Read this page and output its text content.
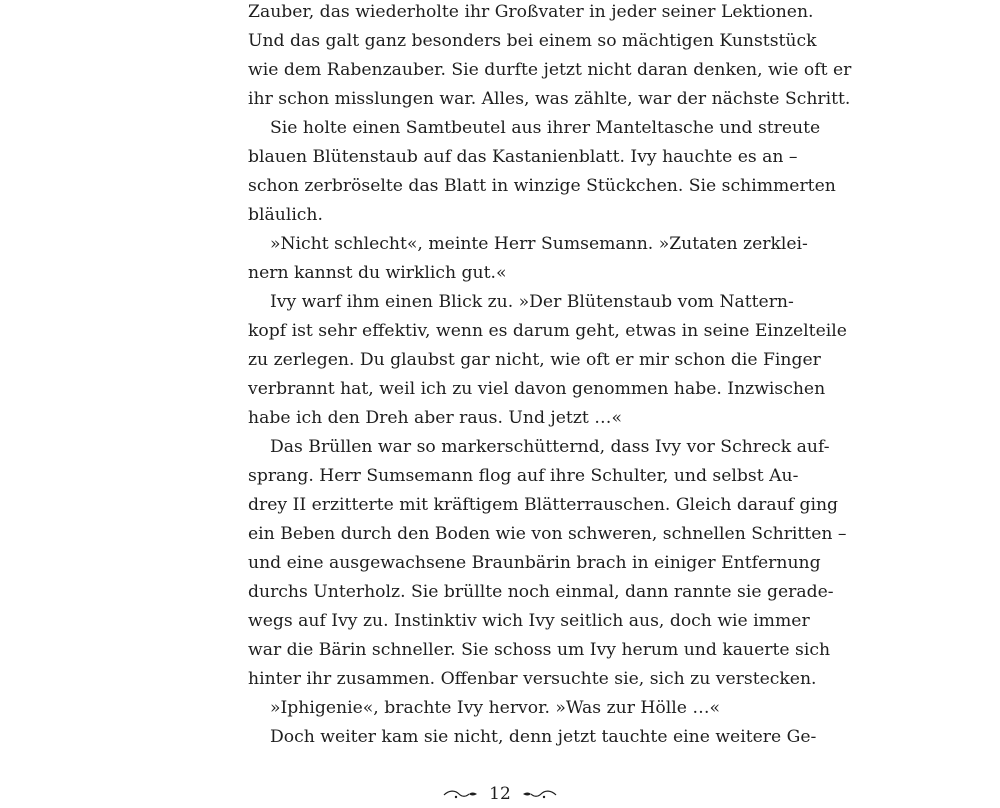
Zauber, das wiederholte ihr Großvater in jeder seiner Lektionen.
Und das galt ganz besonders bei einem so mächtigen Kunststück
wie dem Rabenzauber. Sie durfte jetzt nicht daran denken, wie oft er
ihr schon misslungen war. Alles, was zählte, war der nächste Schritt.
Sie holte einen Samtbeutel aus ihrer Manteltasche und streute
blauen Blütenstaub auf das Kastanienblatt. Ivy hauchte es an –
schon zerbröselte das Blatt in winzige Stückchen. Sie schimmerten
bläulich.
»Nicht schlecht«, meinte Herr Sumsemann. »Zutaten zerklei-
nern kannst du wirklich gut.«
Ivy warf ihm einen Blick zu. »Der Blütenstaub vom Nattern-
kopf ist sehr effektiv, wenn es darum geht, etwas in seine Einzelteile
zu zerlegen. Du glaubst gar nicht, wie oft er mir schon die Finger
verbrannt hat, weil ich zu viel davon genommen habe. Inzwischen
habe ich den Dreh aber raus. Und jetzt …«
Das Brüllen war so markerschütternd, dass Ivy vor Schreck auf-
sprang. Herr Sumsemann flog auf ihre Schulter, und selbst Au-
drey II erzitterte mit kräftigem Blätterrauschen. Gleich darauf ging
ein Beben durch den Boden wie von schweren, schnellen Schritten –
und eine ausgewachsene Braunbärin brach in einiger Entfernung
durchs Unterholz. Sie brüllte noch einmal, dann rannte sie gerade-
wegs auf Ivy zu. Instinktiv wich Ivy seitlich aus, doch wie immer
war die Bärin schneller. Sie schoss um Ivy herum und kauerte sich
hinter ihr zusammen. Offenbar versuchte sie, sich zu verstecken.
»Iphigenie«, brachte Ivy hervor. »Was zur Hölle …«
Doch weiter kam sie nicht, denn jetzt tauchte eine weitere Ge-
12
